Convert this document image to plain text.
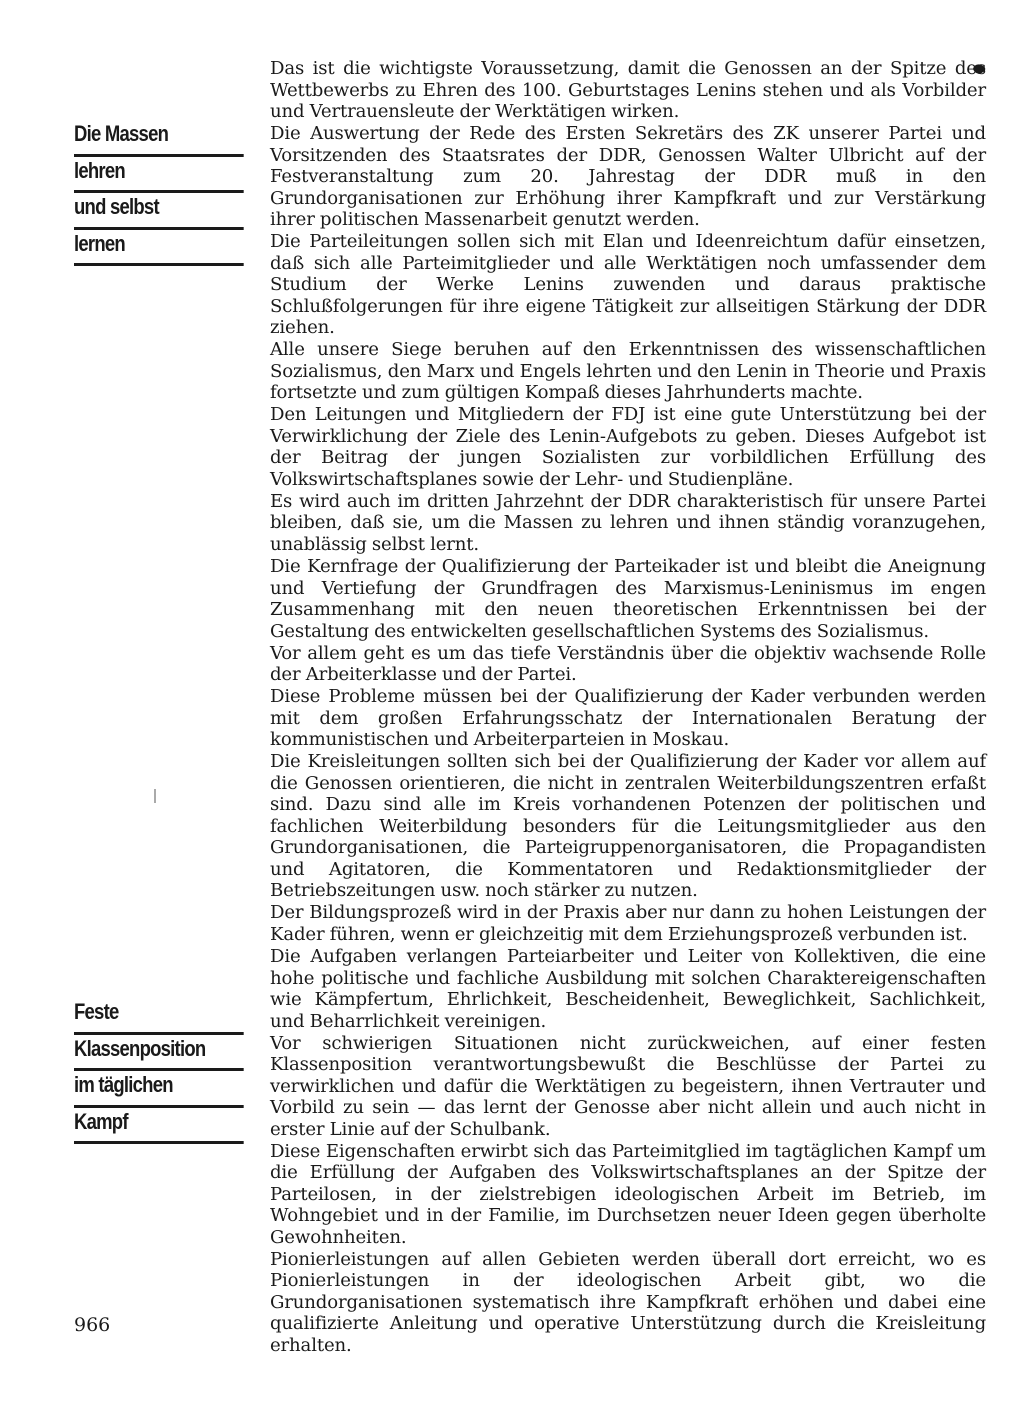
Die Massen
lehren
und selbst
lernen
Feste
Klassenposition
im täglichen
Kampf

Das ist die wichtigste Voraussetzung, damit die Genossen an der Spitze des Wettbewerbs zu Ehren des 100. Geburtstages Lenins stehen und als Vorbilder und Vertrauensleute der Werktätigen wirken.

Die Auswertung der Rede des Ersten Sekretärs des ZK unserer Partei und Vorsitzenden des Staatsrates der DDR, Genossen Walter Ulbricht auf der Festveranstaltung zum 20. Jahrestag der DDR muß in den Grundorganisationen zur Erhöhung ihrer Kampfkraft und zur Verstärkung ihrer politischen Massenarbeit genutzt werden.

Die Parteileitungen sollen sich mit Elan und Ideenreichtum dafür einsetzen, daß sich alle Parteimitglieder und alle Werktätigen noch umfassender dem Studium der Werke Lenins zuwenden und daraus praktische Schlußfolgerungen für ihre eigene Tätigkeit zur allseitigen Stärkung der DDR ziehen.

Alle unsere Siege beruhen auf den Erkenntnissen des wissenschaftlichen Sozialismus, den Marx und Engels lehrten und den Lenin in Theorie und Praxis fortsetzte und zum gültigen Kompaß dieses Jahrhunderts machte.

Den Leitungen und Mitgliedern der FDJ ist eine gute Unterstützung bei der Verwirklichung der Ziele des Lenin-Aufgebots zu geben. Dieses Aufgebot ist der Beitrag der jungen Sozialisten zur vorbildlichen Erfüllung des Volkswirtschaftsplanes sowie der Lehr- und Studienpläne.

Es wird auch im dritten Jahrzehnt der DDR charakteristisch für unsere Partei bleiben, daß sie, um die Massen zu lehren und ihnen ständig voranzugehen, unablässig selbst lernt.

Die Kernfrage der Qualifizierung der Parteikader ist und bleibt die Aneignung und Vertiefung der Grundfragen des Marxismus-Leninismus im engen Zusammenhang mit den neuen theoretischen Erkenntnissen bei der Gestaltung des entwickelten gesellschaftlichen Systems des Sozialismus.

Vor allem geht es um das tiefe Verständnis über die objektiv wachsende Rolle der Arbeiterklasse und der Partei.

Diese Probleme müssen bei der Qualifizierung der Kader verbunden werden mit dem großen Erfahrungsschatz der Internationalen Beratung der kommunistischen und Arbeiterparteien in Moskau.

Die Kreisleitungen sollten sich bei der Qualifizierung der Kader vor allem auf die Genossen orientieren, die nicht in zentralen Weiterbildungszentren erfaßt sind. Dazu sind alle im Kreis vorhandenen Potenzen der politischen und fachlichen Weiterbildung besonders für die Leitungsmitglieder aus den Grundorganisationen, die Parteigruppenorganisatoren, die Propagandisten und Agitatoren, die Kommentatoren und Redaktionsmitglieder der Betriebszeitungen usw. noch stärker zu nutzen.

Der Bildungsprozeß wird in der Praxis aber nur dann zu hohen Leistungen der Kader führen, wenn er gleichzeitig mit dem Erziehungsprozeß verbunden ist.

Die Aufgaben verlangen Parteiarbeiter und Leiter von Kollektiven, die eine hohe politische und fachliche Ausbildung mit solchen Charaktereigenschaften wie Kämpfertum, Ehrlichkeit, Bescheidenheit, Beweglichkeit, Sachlichkeit, und Beharrlichkeit vereinigen.

Vor schwierigen Situationen nicht zurückweichen, auf einer festen Klassenposition verantwortungsbewußt die Beschlüsse der Partei zu verwirklichen und dafür die Werktätigen zu begeistern, ihnen Vertrauter und Vorbild zu sein — das lernt der Genosse aber nicht allein und auch nicht in erster Linie auf der Schulbank.

Diese Eigenschaften erwirbt sich das Parteimitglied im tagtäglichen Kampf um die Erfüllung der Aufgaben des Volkswirtschaftsplanes an der Spitze der Parteilosen, in der zielstrebigen ideologischen Arbeit im Betrieb, im Wohngebiet und in der Familie, im Durchsetzen neuer Ideen gegen überholte Gewohnheiten.

Pionierleistungen auf allen Gebieten werden überall dort erreicht, wo es Pionierleistungen in der ideologischen Arbeit gibt, wo die Grundorganisationen systematisch ihre Kampfkraft erhöhen und dabei eine qualifizierte Anleitung und operative Unterstützung durch die Kreisleitung erhalten.

966
